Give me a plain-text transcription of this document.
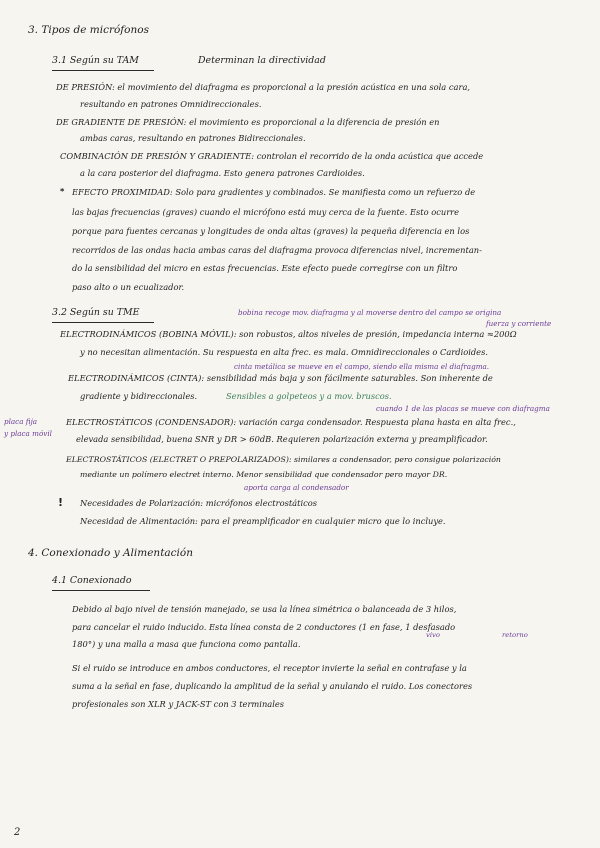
3. Tipos de micrófonos
3.1 Según su TAM	Determinan la directividad
DE PRESIÓN: el movimiento del diafragma es proporcional a la presión acústica en una sola cara,
resultando en patrones Omnidireccionales.
DE GRADIENTE DE PRESIÓN: el movimiento es proporcional a la diferencia de presión en
ambas caras, resultando en patrones Bidireccionales.
COMBINACIÓN DE PRESIÓN Y GRADIENTE: controlan el recorrido de la onda acústica que accede
a la cara posterior del diafragma. Esto genera patrones Cardioides.
* EFECTO PROXIMIDAD: Solo para gradientes y combinados. Se manifiesta como un refuerzo de
las bajas frecuencias (graves) cuando el micrófono está muy cerca de la fuente. Esto ocurre
porque para fuentes cercanas y longitudes de onda altas (graves) la pequeña diferencia en los
recorridos de las ondas hacia ambas caras del diafragma provoca diferencias nivel, incrementan-
do la sensibilidad del micro en estas frecuencias. Este efecto puede corregirse con un filtro
paso alto o un ecualizador.
3.2 Según su TME	bobina recoge mov. diafragma y al moverse dentro del campo se origina
fuerza y corriente
ELECTRODINÁMICOS (BOBINA MÓVIL): son robustos, altos niveles de presión, impedancia interna ≈200Ω
y no necesitan alimentación. Su respuesta en alta frec. es mala. Omnidireccionales o Cardioides.
cinta metálica se mueve en el campo, siendo ella misma el diafragma.
ELECTRODINÁMICOS (CINTA): sensibilidad más baja y son fácilmente saturables. Son inherente de
gradiente y bidireccionales.	Sensibles a golpeteos y a mov. bruscos.
cuando 1 de las placas se mueve con diafragma
placa fija
y placa móvil
ELECTROSTÁTICOS (CONDENSADOR): variación carga condensador. Respuesta plana hasta en alta frec.,
elevada sensibilidad, buena SNR y DR > 60dB. Requieren polarización externa y preamplificador.
ELECTROSTÁTICOS (ELECTRET O PREPOLARIZADOS): similares a condensador, pero consigue polarización
mediante un polímero electret interno. Menor sensibilidad que condensador pero mayor DR.
aporta carga al condensador
! Necesidades de Polarización: micrófonos electrostáticos
Necesidad de Alimentación: para el preamplificador en cualquier micro que lo incluye.
4. Conexionado y Alimentación
4.1 Conexionado
Debido al bajo nivel de tensión manejado, se usa la línea simétrica o balanceada de 3 hilos,
para cancelar el ruido inducido. Esta línea consta de 2 conductores (1 en fase, 1 desfasado
vivo	retorno
180°) y una malla a masa que funciona como pantalla.
Si el ruido se introduce en ambos conductores, el receptor invierte la señal en contrafase y la
suma a la señal en fase, duplicando la amplitud de la señal y anulando el ruido. Los conectores
profesionales son XLR y JACK-ST con 3 terminales
2
